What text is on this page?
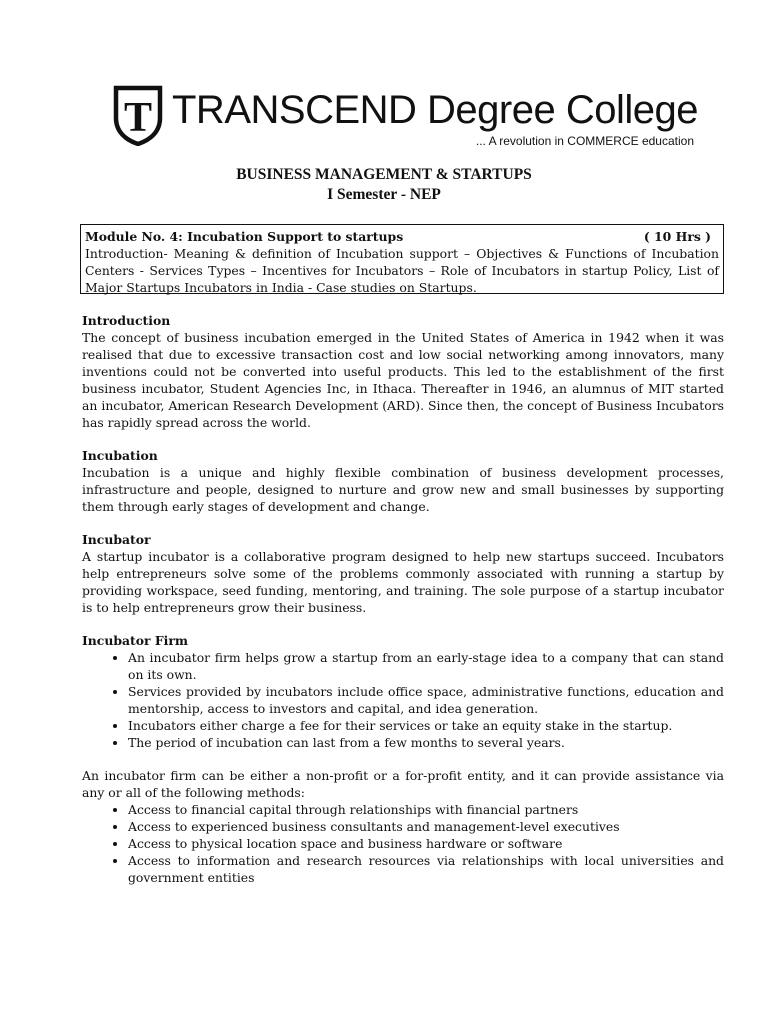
T TRANSCEND Degree College
... A revolution in COMMERCE education
BUSINESS MANAGEMENT & STARTUPS
I Semester - NEP
Module No. 4: Incubation Support to startups	( 10 Hrs )
Introduction- Meaning & definition of Incubation support – Objectives & Functions of Incubation Centers - Services Types – Incentives for Incubators – Role of Incubators in startup Policy, List of Major Startups Incubators in India - Case studies on Startups.

Introduction

The concept of business incubation emerged in the United States of America in 1942 when it was realised that due to excessive transaction cost and low social networking among innovators, many inventions could not be converted into useful products. This led to the establishment of the first business incubator, Student Agencies Inc, in Ithaca. Thereafter in 1946, an alumnus of MIT started an incubator, American Research Development (ARD). Since then, the concept of Business Incubators has rapidly spread across the world.

Incubation

Incubation is a unique and highly flexible combination of business development processes, infrastructure and people, designed to nurture and grow new and small businesses by supporting them through early stages of development and change.

Incubator

A startup incubator is a collaborative program designed to help new startups succeed. Incubators help entrepreneurs solve some of the problems commonly associated with running a startup by providing workspace, seed funding, mentoring, and training. The sole purpose of a startup incubator is to help entrepreneurs grow their business.

Incubator Firm

• An incubator firm helps grow a startup from an early-stage idea to a company that can stand on its own.
• Services provided by incubators include office space, administrative functions, education and mentorship, access to investors and capital, and idea generation.
• Incubators either charge a fee for their services or take an equity stake in the startup.
• The period of incubation can last from a few months to several years.

An incubator firm can be either a non-profit or a for-profit entity, and it can provide assistance via any or all of the following methods:

• Access to financial capital through relationships with financial partners
• Access to experienced business consultants and management-level executives
• Access to physical location space and business hardware or software
• Access to information and research resources via relationships with local universities and government entities
